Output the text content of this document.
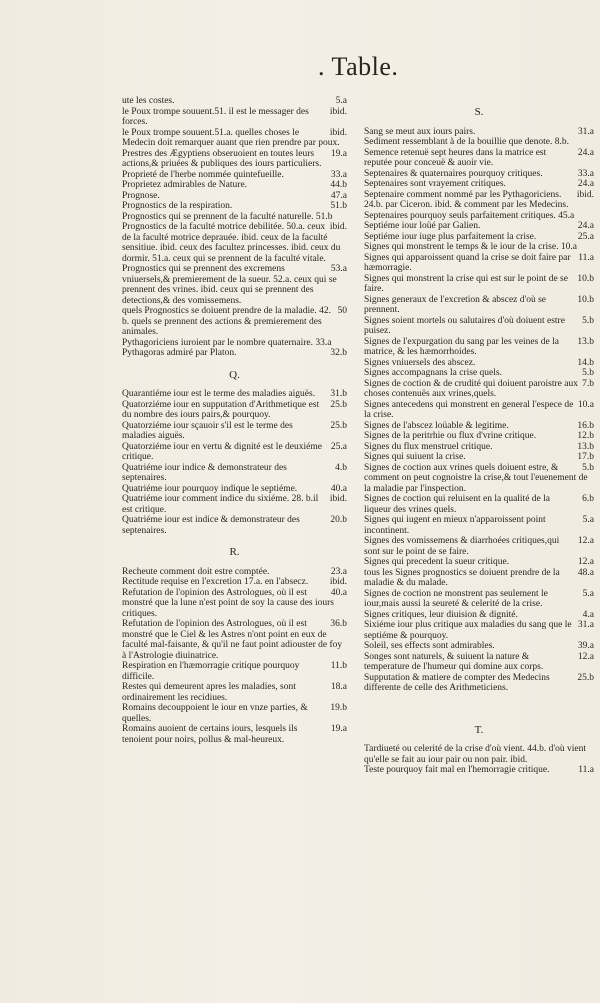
. Table.
5.a
ute les costes.
ibid.
le Poux trompe souuent.51. il est le messager des forces.
ibid.
le Poux trompe souuent.51.a. quelles choses le Medecin doit remarquer auant que rien prendre par poux.
19.a
Prestres des Ægyptiens obseruoient en toutes leurs actions,& priuées & publiques des iours particuliers.
33.a
Proprieté de l'herbe nommée quintefueille.
44.b
Proprietez admirables de Nature.
47.a
Prognose.
51.b
Prognostics de la respiration.
Prognostics qui se prennent de la faculté naturelle. 51.b
ibid.
Prognostics de la faculté motrice debilitée. 50.a. ceux de la faculté motrice deprauée. ibid. ceux de la faculté sensitiue. ibid. ceux des facultez princesses. ibid. ceux du dormir. 51.a. ceux qui se prennent de la faculté vitale.
53.a
Prognostics qui se prennent des excremens vniuersels,& premierement de la sueur. 52.a. ceux qui se prennent des vrines. ibid. ceux qui se prennent des detections,& des vomissemens.
50
quels Prognostics se doiuent prendre de la maladie. 42. b. quels se prennent des actions & premierement des animales.
Pythagoriciens iuroient par le nombre quaternaire. 33.a
32.b
Pythagoras admiré par Platon.
Q.
31.b
Quarantiéme iour est le terme des maladies aiguës.
25.b
Quatorziéme iour en supputation d'Arithmetique est du nombre des iours pairs,& pourquoy.
25.b
Quatorziéme iour sçauoir s'il est le terme des maladies aiguës.
25.a
Quatorziéme iour en vertu & dignité est le deuxiéme critique.
4.b
Quatriéme iour indice & demonstrateur des septenaires.
40.a
Quatriéme iour pourquoy indique le septiéme.
ibid.
Quatriéme iour comment indice du sixiéme. 28. b.il est critique.
20.b
Quatriéme iour est indice & demonstrateur des septenaires.
R.
23.a
Recheute comment doit estre comptée.
ibid.
Rectitude requise en l'excretion 17.a. en l'absecz.
40.a
Refutation de l'opinion des Astrologues, où il est monstré que la lune n'est point de soy la cause des iours critiques.
36.b
Refutation de l'opinion des Astrologues, où il est monstré que le Ciel & les Astres n'ont point en eux de faculté mal-faisante, & qu'il ne faut point adiouster de foy à l'Astrologie diuinatrice.
11.b
Respiration en l'hæmorragie critique pourquoy difficile.
18.a
Restes qui demeurent apres les maladies, sont ordinairement les recidiues.
19.b
Romains decouppoient le iour en vnze parties, & quelles.
19.a
Romains auoient de certains iours, lesquels ils tenoient pour noirs, pollus & mal-heureux.
S.
31.a
Sang se meut aux iours pairs.
Sedíment ressemblant à de la bouillie que denote. 8.b.
24.a
Semence retenuë sept heures dans la matrice est reputée pour conceuë & auoir vie.
33.a
Septenaires & quaternaires pourquoy critiques.
24.a
Septenaires sont vrayement critiques.
ibid.
Septenaire comment nommé par les Pythagoriciens. 24.b. par Ciceron. ibid. & comment par les Medecins.
Septenaires pourquoy seuls parfaitement critiques. 45.a
24.a
Septiéme iour loüé par Galien.
25.a
Septiéme iour iuge plus parfaitement la crise.
Signes qui monstrent le temps & le iour de la crise. 10.a
11.a
Signes qui apparoissent quand la crise se doit faire par hæmorragie.
10.b
Signes qui monstrent la crise qui est sur le point de se faire.
10.b
Signes generaux de l'excretion & abscez d'où se prennent.
5.b
Signes soient mortels ou salutaires d'où doiuent estre puisez.
13.b
Signes de l'expurgation du sang par les veines de la matrice, & les hæmorrhoides.
14.b
Signes vniuersels des abscez.
5.b
Signes accompagnans la crise quels.
7.b
Signes de coction & de crudité qui doiuent paroistre aux choses contenuës aux vrines,quels.
10.a
Signes antecedens qui monstrent en general l'espece de la crise.
16.b
Signes de l'abscez loüable & legitime.
12.b
Signes de la peritrhie ou flux d'vrine critique.
13.b
Signes du flux menstruel critique.
17.b
Signes qui suiuent la crise.
5.b
Signes de coction aux vrines quels doiuent estre, & comment on peut cognoistre la crise,& tout l'euenement de la maladie par l'inspection.
6.b
Signes de coction qui reluisent en la qualité de la liqueur des vrines quels.
5.a
Signes qui iugent en mieux n'apparoissent point incontinent.
12.a
Signes des vomissemens & diarrhoées critiques,qui sont sur le point de se faire.
12.a
Signes qui precedent la sueur critique.
48.a
tous les Signes prognostics se doiuent prendre de la maladie & du malade.
5.a
Signes de coction ne monstrent pas seulement le iour,mais aussi la seureté & celerité de la crise.
4.a
Signes critiques, leur diuision & dignité.
31.a
Sixiéme iour plus critique aux maladies du sang que le septiéme & pourquoy.
39.a
Soleil, ses effects sont admirables.
12.a
Songes sont naturels, & suiuent la nature & temperature de l'humeur qui domine aux corps.
25.b
Supputation & matiere de compter des Medecins differente de celle des Arithmeticiens.
T.
Tardiueté ou celerité de la crise d'où vient. 44.b. d'où vient qu'elle se fait au iour pair ou non pair. ibid.
11.a
Teste pourquoy fait mal en l'hemorragie critique.
